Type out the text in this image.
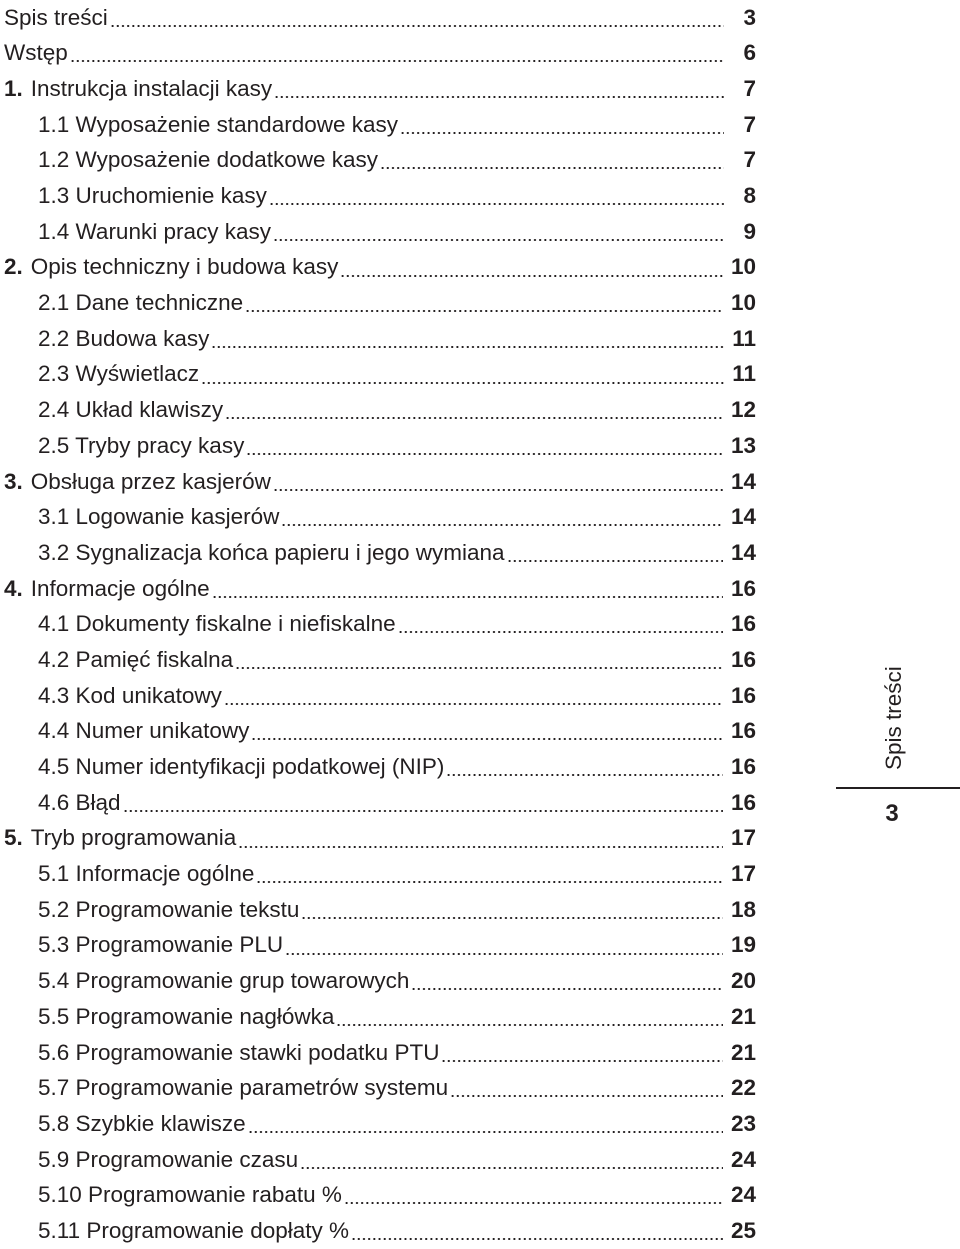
Spis treści	3
Wstęp	6
1. Instrukcja instalacji kasy	7
1.1 Wyposażenie standardowe kasy	7
1.2 Wyposażenie dodatkowe kasy	7
1.3 Uruchomienie kasy	8
1.4 Warunki pracy kasy	9
2. Opis techniczny i budowa kasy	10
2.1 Dane techniczne	10
2.2 Budowa kasy	11
2.3 Wyświetlacz	11
2.4 Układ klawiszy	12
2.5 Tryby pracy kasy	13
3. Obsługa przez kasjerów	14
3.1 Logowanie kasjerów	14
3.2 Sygnalizacja końca papieru i jego wymiana	14
4. Informacje ogólne	16
4.1 Dokumenty fiskalne i niefiskalne	16
4.2 Pamięć fiskalna	16
4.3 Kod unikatowy	16
4.4 Numer unikatowy	16
4.5 Numer identyfikacji podatkowej (NIP)	16
4.6 Błąd	16
5. Tryb programowania	17
5.1 Informacje ogólne	17
5.2 Programowanie tekstu	18
5.3 Programowanie PLU	19
5.4 Programowanie grup towarowych	20
5.5 Programowanie nagłówka	21
5.6 Programowanie stawki podatku PTU	21
5.7 Programowanie parametrów systemu	22
5.8 Szybkie klawisze	23
5.9 Programowanie czasu	24
5.10 Programowanie rabatu %	24
5.11 Programowanie dopłaty %	25
Spis treści
3
